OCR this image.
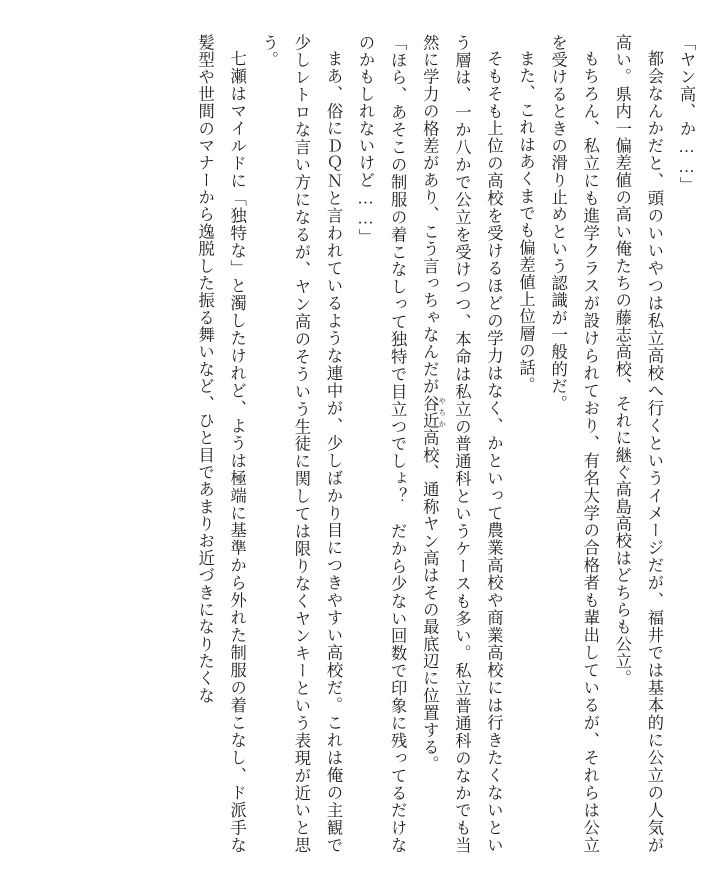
「ヤン高、か……」
都会なんかだと、頭のいいやつは私立高校へ行くというイメージだが、福井では基本的に公立の人気が高い。県内一偏差値の高い俺たちの藤志高校、それに継ぐ高島高校はどちらも公立。
もちろん、私立にも進学クラスが設けられており、有名大学の合格者も輩出しているが、それらは公立を受けるときの滑り止めという認識が一般的だ。
また、これはあくまでも偏差値上位層の話。
そもそも上位の高校を受けるほどの学力はなく、かといって農業高校や商業高校には行きたくないという層は、一か八かで公立を受けつつ、本命は私立の普通科というケースも多い。私立普通科のなかでも当然に学力の格差があり、こう言っちゃなんだが谷近 やちか高校、通称ヤン高はその最底辺に位置する。
「ほら、あそこの制服の着こなしって独特で目立つでしょ？　だから少ない回数で印象に残ってるだけなのかもしれないけど……」
まあ、俗にＤＱＮと言われているような連中が、少しばかり目につきやすい高校だ。これは俺の主観で少しレトロな言い方になるが、ヤン高のそういう生徒に関しては限りなくヤンキーという表現が近いと思う。
七瀬はマイルドに「独特な」と濁したけれど、ようは極端に基準から外れた制服の着こなし、ド派手な髪型や世間のマナーから逸脱した振る舞いなど、ひと目であまりお近づきになりたくな
